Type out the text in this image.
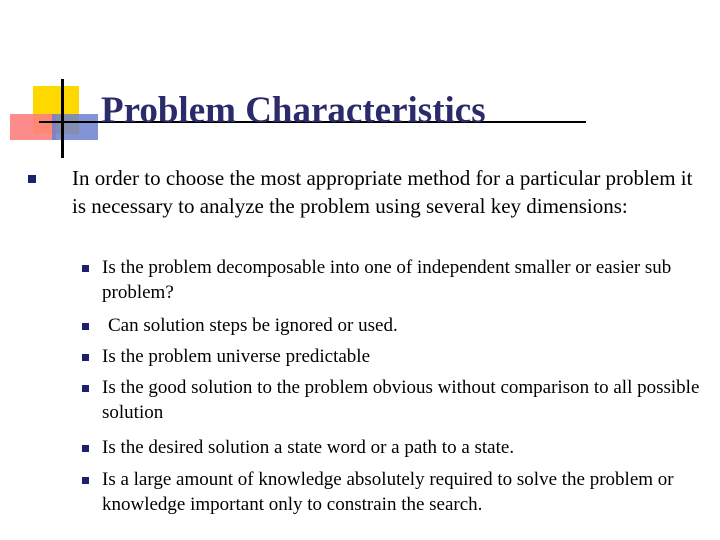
Problem Characteristics

In order to choose the most appropriate method for a particular problem it is necessary to analyze the problem using several key dimensions:

Is the problem decomposable into one of independent smaller or easier sub problem?

Can solution steps be ignored or used.

Is the problem universe predictable

Is the good solution to the problem obvious without comparison to all possible solution

Is the desired solution a state word or a path to a state.

Is a large amount of knowledge absolutely required to solve the problem or knowledge important only to constrain the search.
